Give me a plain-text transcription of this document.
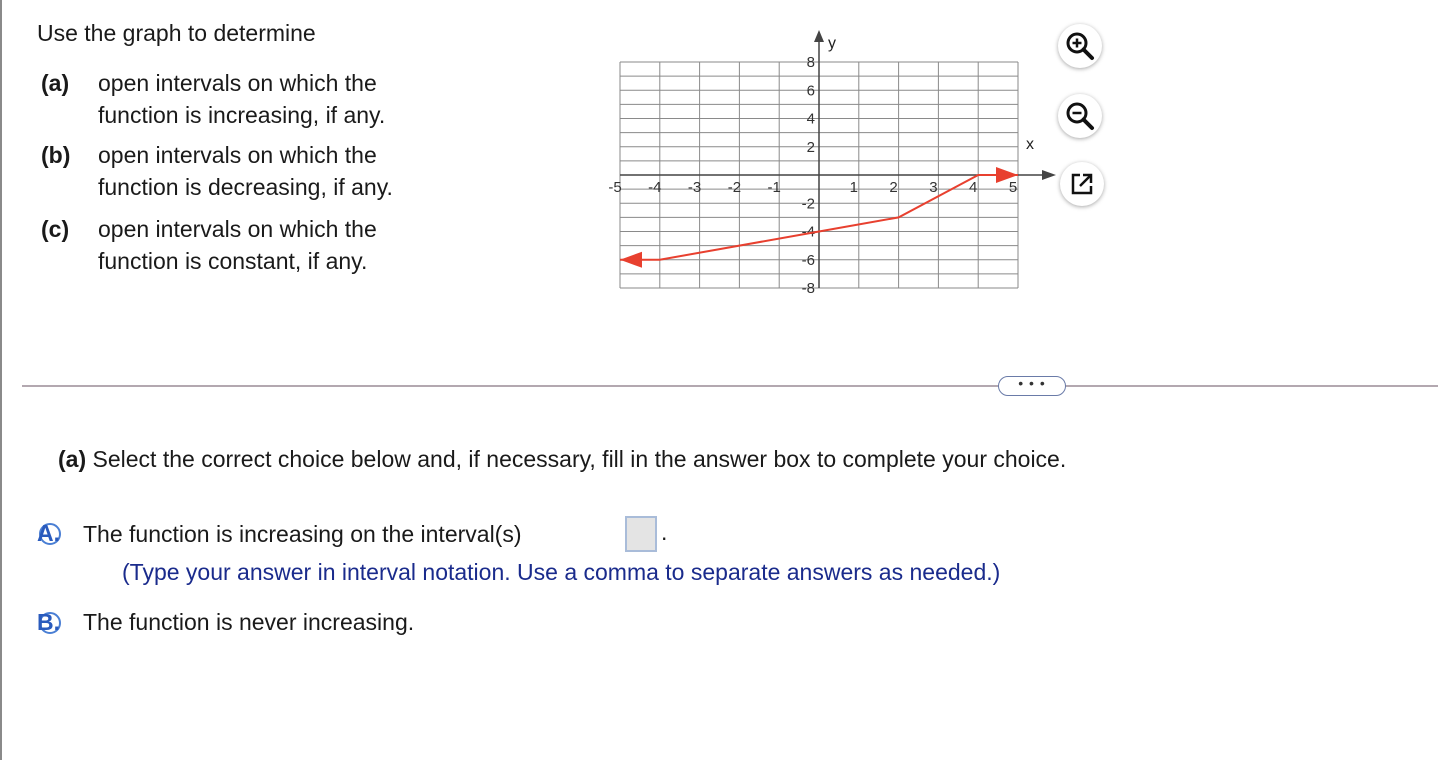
Use the graph to determine
(a) open intervals on which the
function is increasing, if any.
(b) open intervals on which the
function is decreasing, if any.
(c) open intervals on which the
function is constant, if any.
x
y
-5 -4 -3 -2 -1	1 2 3 4 5
8
6
4
2
-2
-4
-6
-8
• • •
(a) Select the correct choice below and, if necessary, fill in the answer box to complete your choice.
A. The function is increasing on the interval(s)	.
(Type your answer in interval notation. Use a comma to separate answers as needed.)
B. The function is never increasing.
